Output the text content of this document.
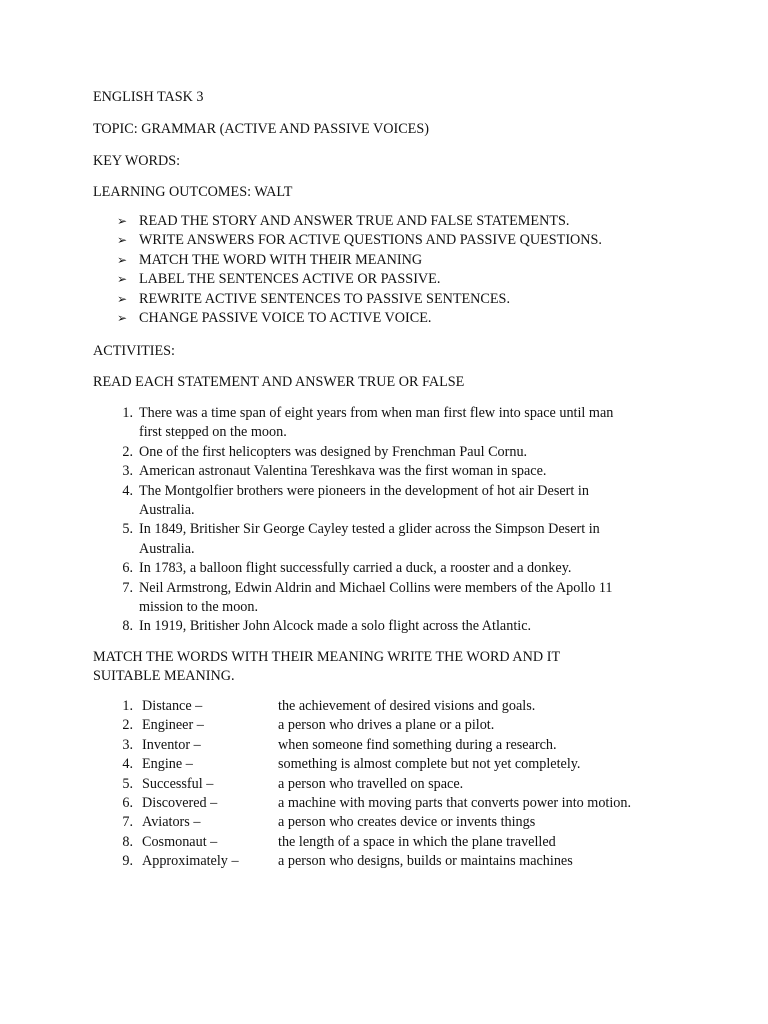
ENGLISH TASK 3

TOPIC: GRAMMAR (ACTIVE AND PASSIVE VOICES)

KEY WORDS:

LEARNING OUTCOMES: WALT

➢ READ THE STORY AND ANSWER TRUE AND FALSE STATEMENTS.
➢ WRITE ANSWERS FOR ACTIVE QUESTIONS AND PASSIVE QUESTIONS.
➢ MATCH THE WORD WITH THEIR MEANING
➢ LABEL THE SENTENCES ACTIVE OR PASSIVE.
➢ REWRITE ACTIVE SENTENCES TO PASSIVE SENTENCES.
➢ CHANGE PASSIVE VOICE TO ACTIVE VOICE.

ACTIVITIES:

READ EACH STATEMENT AND ANSWER TRUE OR FALSE

1. There was a time span of eight years from when man first flew into space until man
first stepped on the moon.
2. One of the first helicopters was designed by Frenchman Paul Cornu.
3. American astronaut Valentina Tereshkava was the first woman in space.
4. The Montgolfier brothers were pioneers in the development of hot air Desert in
Australia.
5. In 1849, Britisher Sir George Cayley tested a glider across the Simpson Desert in
Australia.
6. In 1783, a balloon flight successfully carried a duck, a rooster and a donkey.
7. Neil Armstrong, Edwin Aldrin and Michael Collins were members of the Apollo 11
mission to the moon.
8. In 1919, Britisher John Alcock made a solo flight across the Atlantic.

MATCH THE WORDS WITH THEIR MEANING WRITE THE WORD AND IT

SUITABLE MEANING.

1. Distance –	the achievement of desired visions and goals.
2. Engineer –	a person who drives a plane or a pilot.
3. Inventor –	when someone find something during a research.
4. Engine –	something is almost complete but not yet completely.
5. Successful –	a person who travelled on space.
6. Discovered –	a machine with moving parts that converts power into motion.
7. Aviators –	a person who creates device or invents things
8. Cosmonaut –	the length of a space in which the plane travelled
9. Approximately –	a person who designs, builds or maintains machines
